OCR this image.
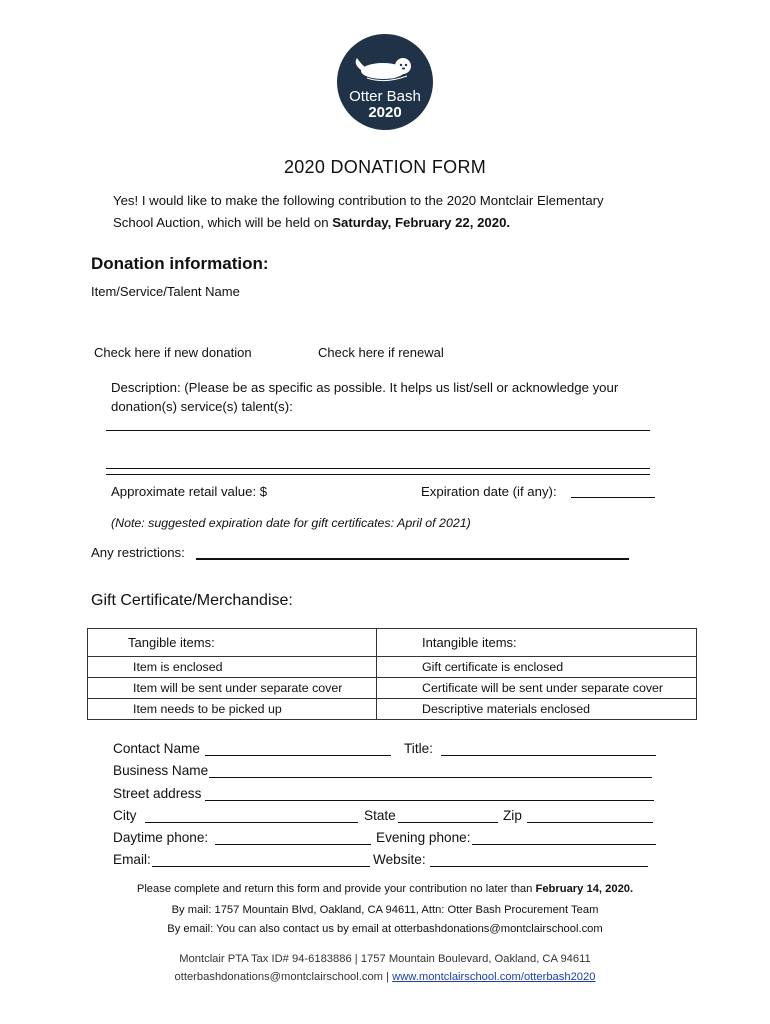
Otter Bash
2020
2020 DONATION FORM
Yes! I would like to make the following contribution to the 2020 Montclair Elementary
School Auction, which will be held on Saturday, February 22, 2020.
Donation information:
Item/Service/Talent Name
Check here if new donation	Check here if renewal
Description: (Please be as specific as possible. It helps us list/sell or acknowledge your
donation(s) service(s) talent(s):
Approximate retail value: $	Expiration date (if any):
(Note: suggested expiration date for gift certificates: April of 2021)
Any restrictions:
Gift Certificate/Merchandise:
Tangible items:	Intangible items:
Item is enclosed	Gift certificate is enclosed
Item will be sent under separate cover	Certificate will be sent under separate cover
Item needs to be picked up	Descriptive materials enclosed
Contact Name	Title:
Business Name
Street address
City	State	Zip
Daytime phone:	Evening phone:
Email:	Website:
Please complete and return this form and provide your contribution no later than February 14, 2020.
By mail: 1757 Mountain Blvd, Oakland, CA 94611, Attn: Otter Bash Procurement Team
By email: You can also contact us by email at otterbashdonations@montclairschool.com
Montclair PTA Tax ID# 94-6183886 | 1757 Mountain Boulevard, Oakland, CA 94611
otterbashdonations@montclairschool.com | www.montclairschool.com/otterbash2020
